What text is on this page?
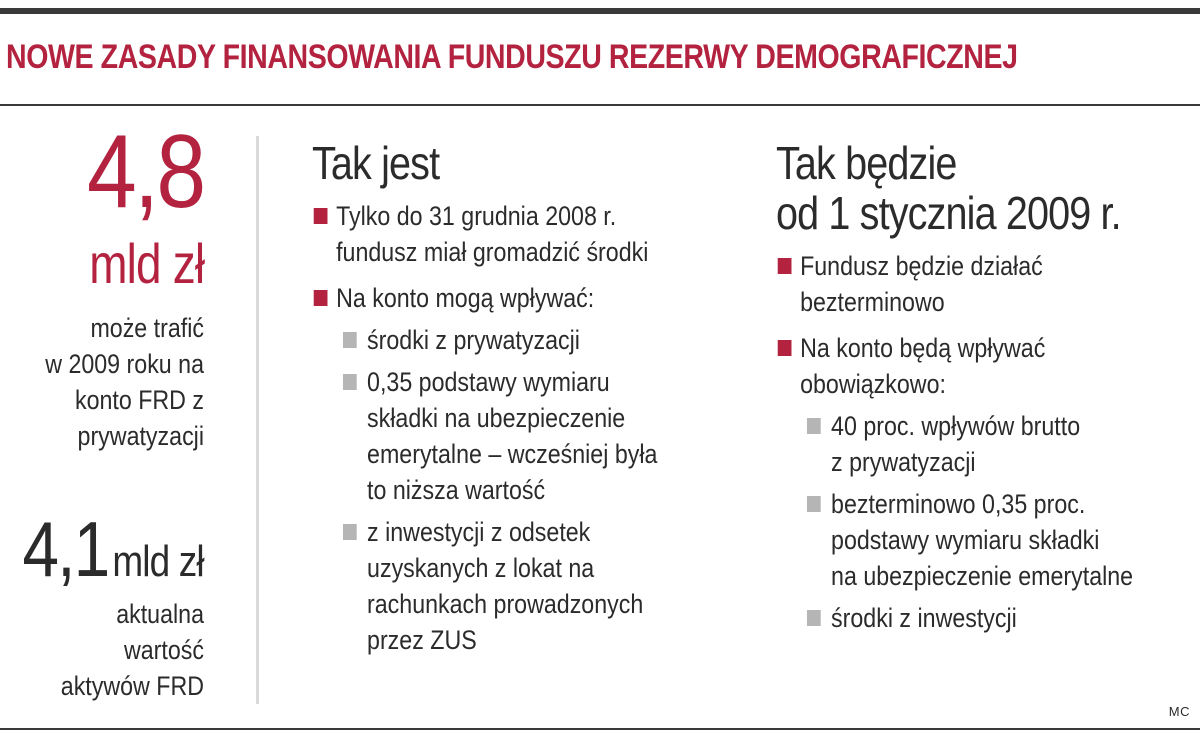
NOWE ZASADY FINANSOWANIA FUNDUSZU REZERWY DEMOGRAFICZNEJ
4,8
mld zł
może trafić
w 2009 roku na
konto FRD z
prywatyzacji
4,1 mld zł
aktualna
wartość
aktywów FRD
Tak jest
Tylko do 31 grudnia 2008 r.
fundusz miał gromadzić środki
Na konto mogą wpływać:
środki z prywatyzacji
0,35 podstawy wymiaru
składki na ubezpieczenie
emerytalne – wcześniej była
to niższa wartość
z inwestycji z odsetek
uzyskanych z lokat na
rachunkach prowadzonych
przez ZUS
Tak będzie
od 1 stycznia 2009 r.
Fundusz będzie działać
bezterminowo
Na konto będą wpływać
obowiązkowo:
40 proc. wpływów brutto
z prywatyzacji
bezterminowo 0,35 proc.
podstawy wymiaru składki
na ubezpieczenie emerytalne
środki z inwestycji
MC
